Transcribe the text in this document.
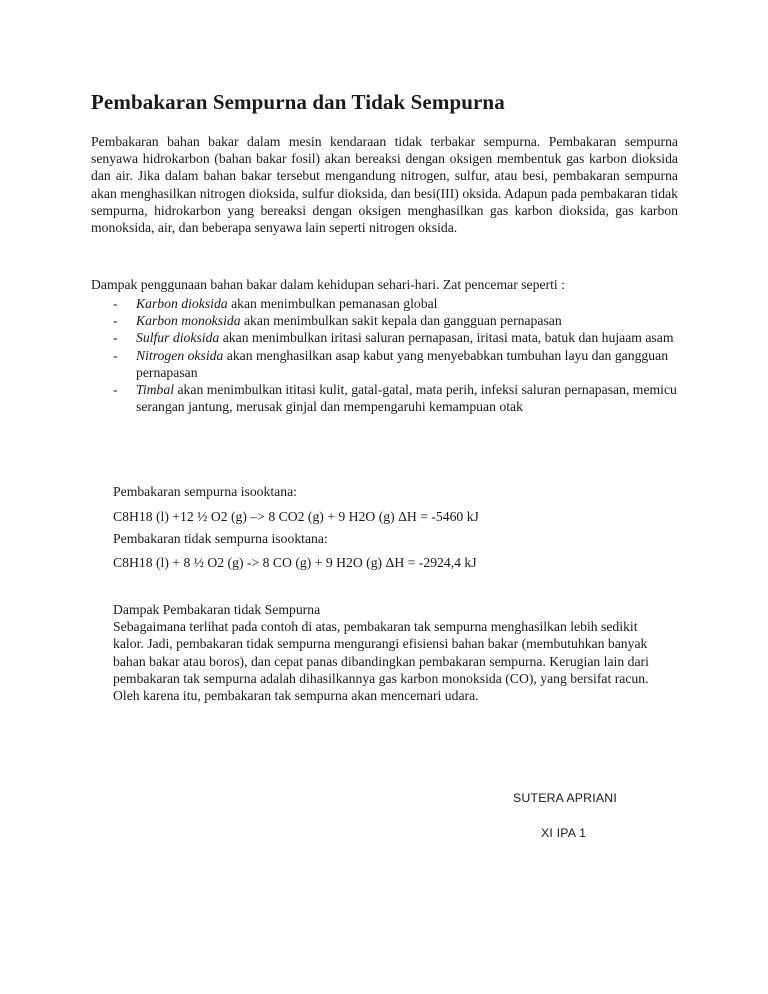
Pembakaran Sempurna dan Tidak Sempurna
Pembakaran bahan bakar dalam mesin kendaraan tidak terbakar sempurna. Pembakaran sempurna senyawa hidrokarbon (bahan bakar fosil) akan bereaksi dengan oksigen membentuk gas karbon dioksida dan air. Jika dalam bahan bakar tersebut mengandung nitrogen, sulfur, atau besi, pembakaran sempurna akan menghasilkan nitrogen dioksida, sulfur dioksida, dan besi(III) oksida. Adapun pada pembakaran tidak sempurna, hidrokarbon yang bereaksi dengan oksigen menghasilkan gas karbon dioksida, gas karbon monoksida, air, dan beberapa senyawa lain seperti nitrogen oksida.
Dampak penggunaan bahan bakar dalam kehidupan sehari-hari. Zat pencemar seperti :
- Karbon dioksida akan menimbulkan pemanasan global
- Karbon monoksida akan menimbulkan sakit kepala dan gangguan pernapasan
- Sulfur dioksida akan menimbulkan iritasi saluran pernapasan, iritasi mata, batuk dan hujaam asam
- Nitrogen oksida akan menghasilkan asap kabut yang menyebabkan tumbuhan layu dan gangguan pernapasan
- Timbal akan menimbulkan ititasi kulit, gatal-gatal, mata perih, infeksi saluran pernapasan, memicu serangan jantung, merusak ginjal dan mempengaruhi kemampuan otak
Pembakaran sempurna isooktana:
C8H18 (l) +12 ½ O2 (g) –> 8 CO2 (g) + 9 H2O (g) ΔH = -5460 kJ
Pembakaran tidak sempurna isooktana:
C8H18 (l) + 8 ½ O2 (g) -> 8 CO (g) + 9 H2O (g) ΔH = -2924,4 kJ
Dampak Pembakaran tidak Sempurna
Sebagaimana terlihat pada contoh di atas, pembakaran tak sempurna menghasilkan lebih sedikit kalor. Jadi, pembakaran tidak sempurna mengurangi efisiensi bahan bakar (membutuhkan banyak bahan bakar atau boros), dan cepat panas dibandingkan pembakaran sempurna. Kerugian lain dari pembakaran tak sempurna adalah dihasilkannya gas karbon monoksida (CO), yang bersifat racun. Oleh karena itu, pembakaran tak sempurna akan mencemari udara.
SUTERA APRIANI
XI IPA 1
